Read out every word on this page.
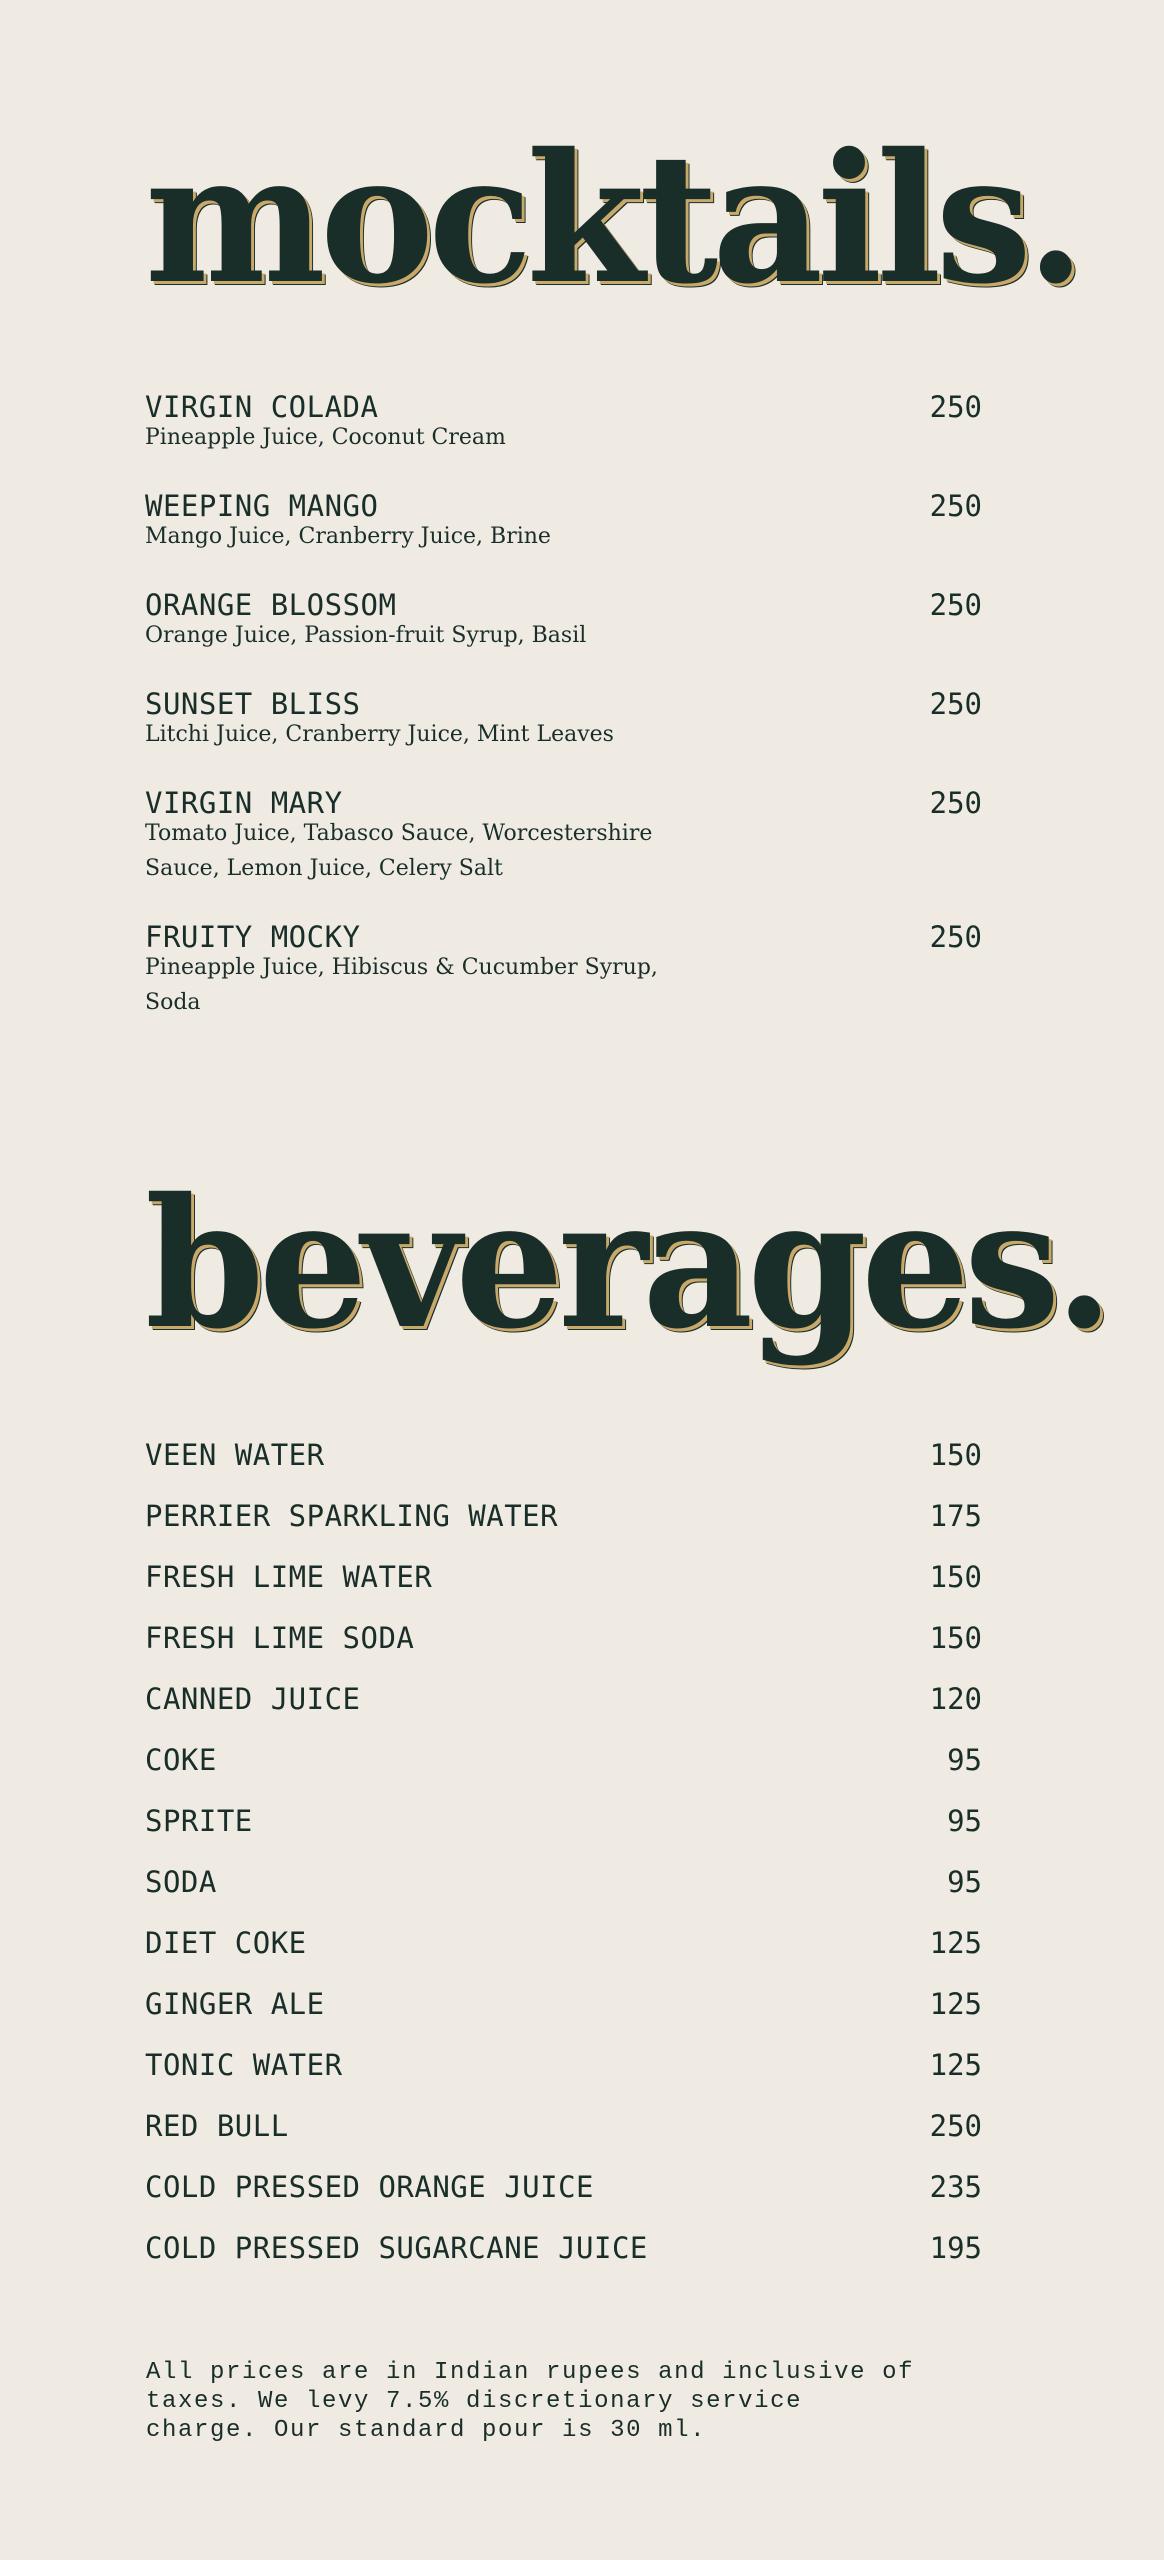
mocktails.
VIRGIN COLADA
Pineapple Juice, Coconut Cream
250
WEEPING MANGO
Mango Juice, Cranberry Juice, Brine
250
ORANGE BLOSSOM
Orange Juice, Passion-fruit Syrup, Basil
250
SUNSET BLISS
Litchi Juice, Cranberry Juice, Mint Leaves
250
VIRGIN MARY
Tomato Juice, Tabasco Sauce, Worcestershire Sauce, Lemon Juice, Celery Salt
250
FRUITY MOCKY
Pineapple Juice, Hibiscus & Cucumber Syrup, Soda
250
beverages.
VEEN WATER	150
PERRIER SPARKLING WATER	175
FRESH LIME WATER	150
FRESH LIME SODA	150
CANNED JUICE	120
COKE	95
SPRITE	95
SODA	95
DIET COKE	125
GINGER ALE	125
TONIC WATER	125
RED BULL	250
COLD PRESSED ORANGE JUICE	235
COLD PRESSED SUGARCANE JUICE	195

All prices are in Indian rupees and inclusive of taxes. We levy 7.5% discretionary service charge. Our standard pour is 30 ml.
